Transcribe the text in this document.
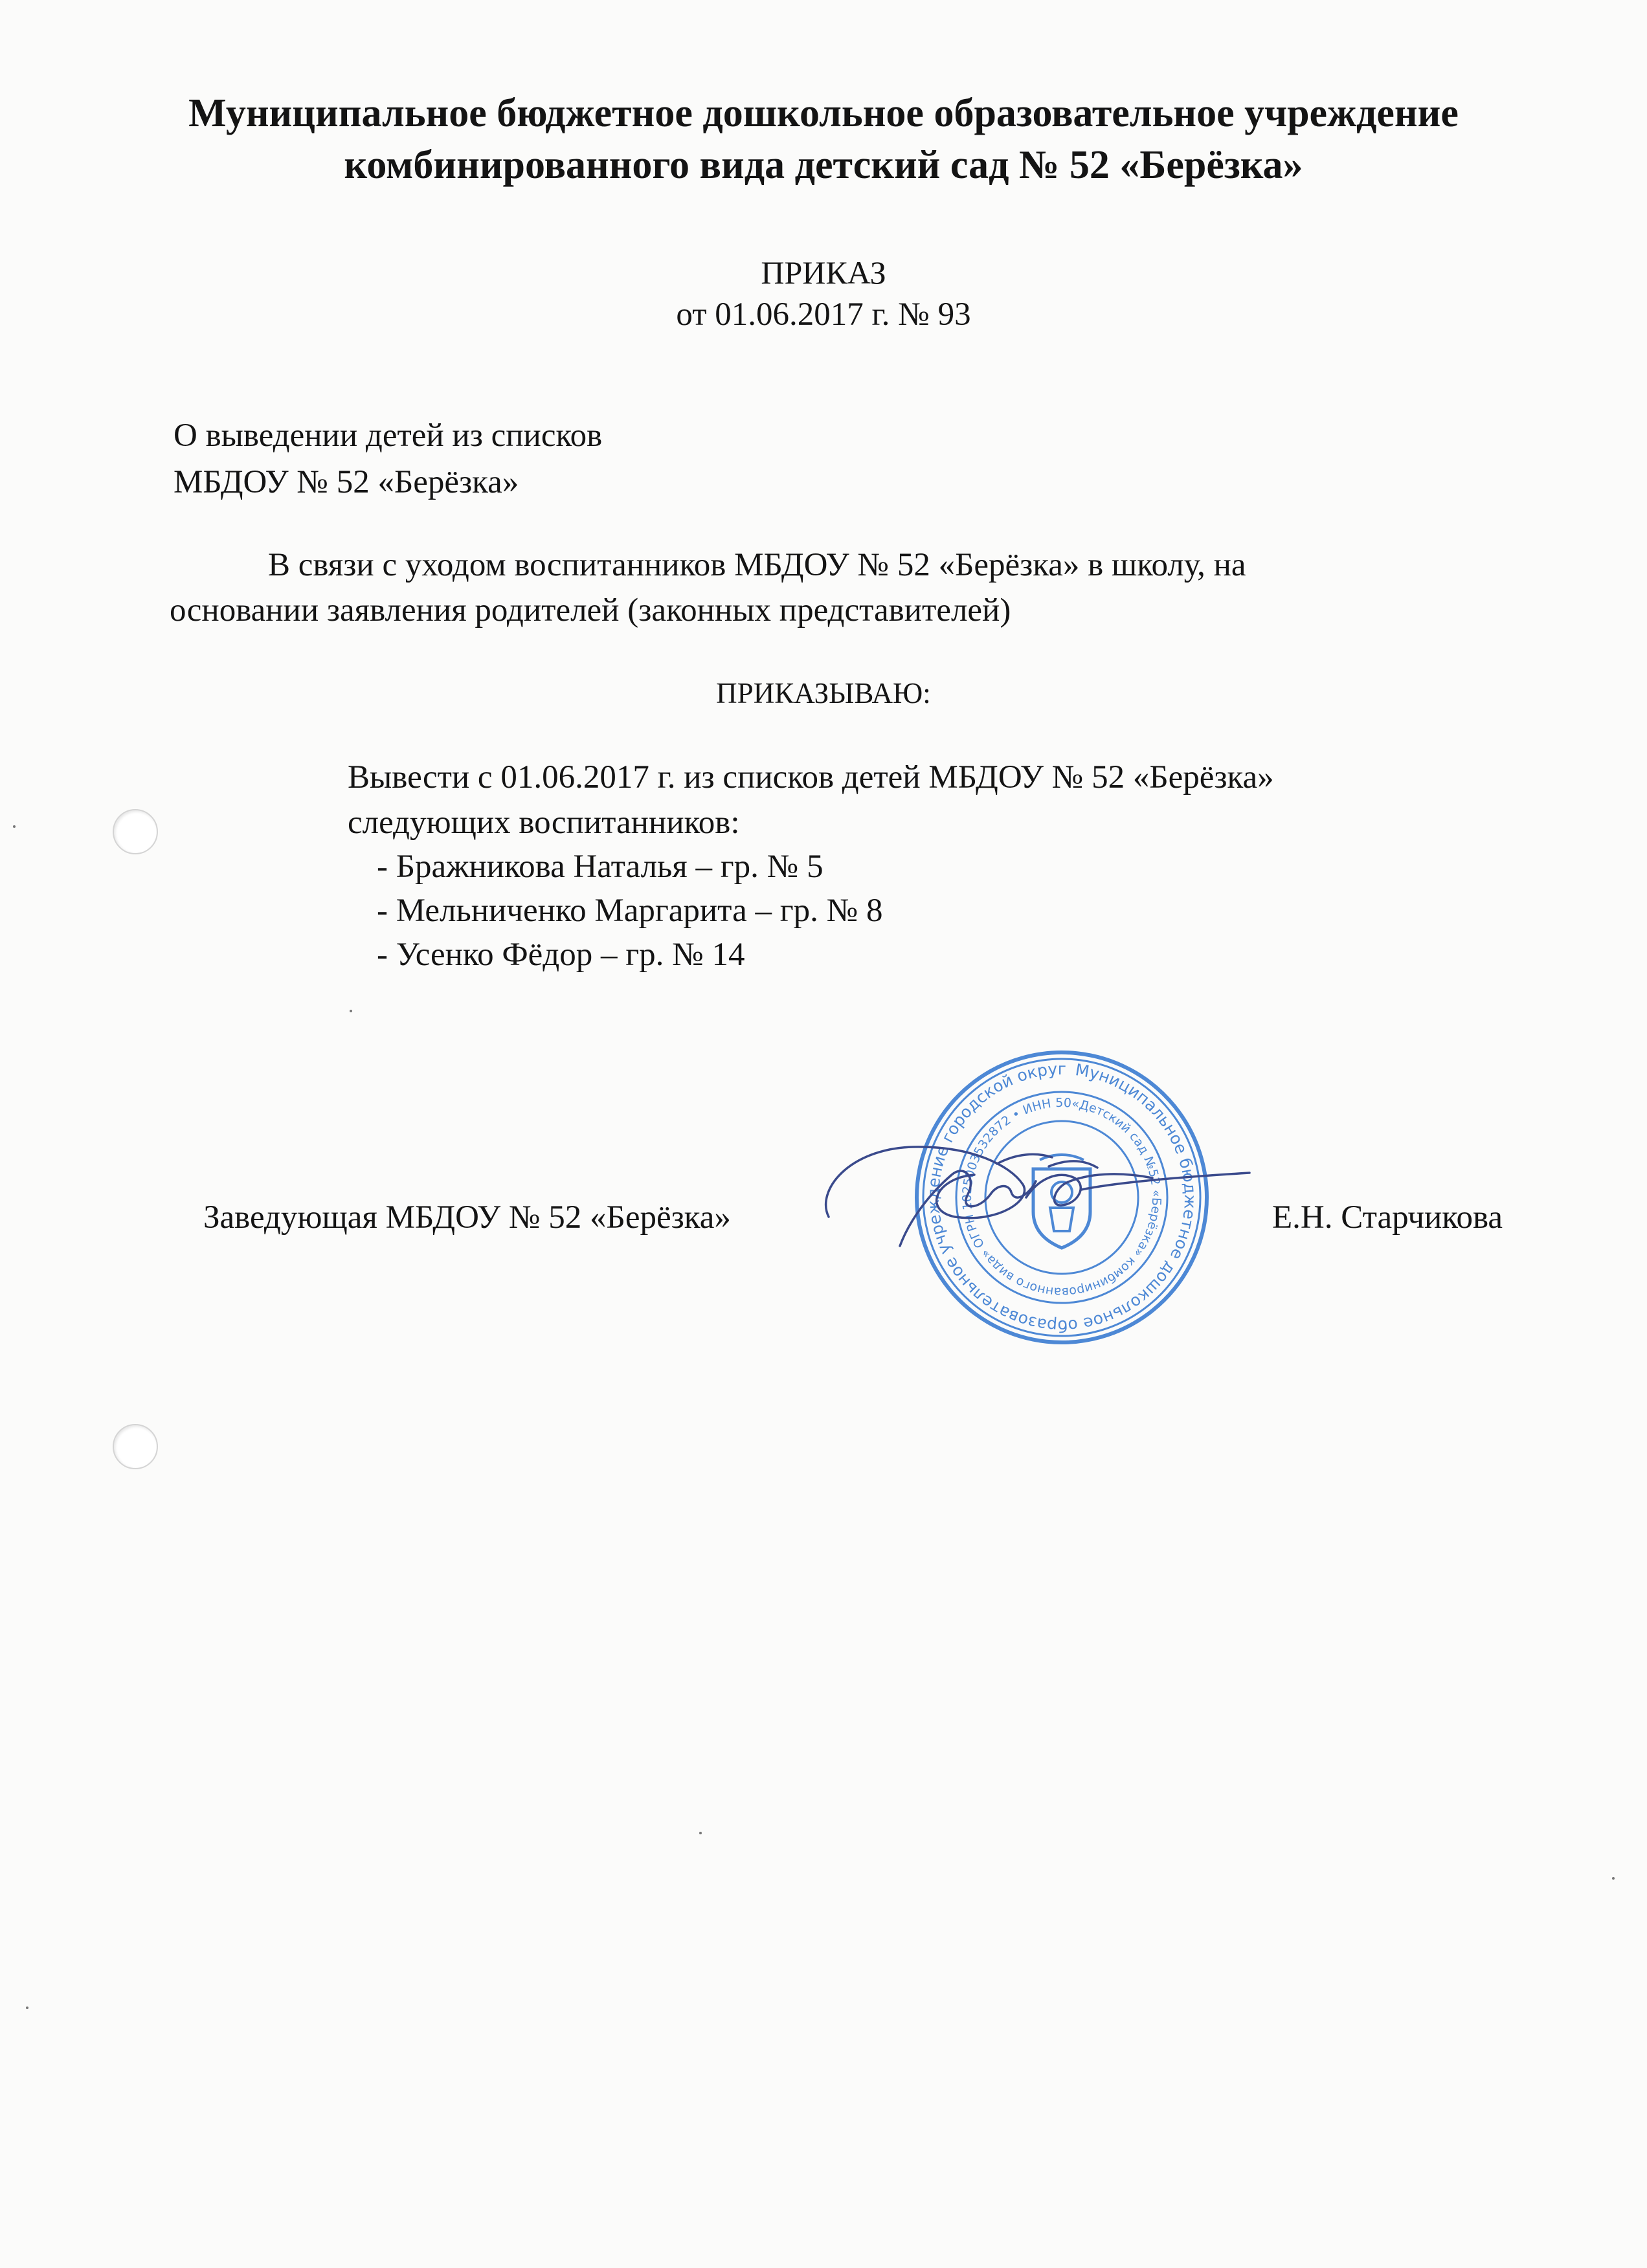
Муниципальное бюджетное дошкольное образовательное учреждение
комбинированного вида детский сад № 52 «Берёзка»
ПРИКАЗ
от 01.06.2017 г. № 93
О выведении детей из списков
МБДОУ № 52 «Берёзка»
В связи с уходом воспитанников МБДОУ № 52 «Берёзка» в школу, на
основании заявления родителей (законных представителей)
ПРИКАЗЫВАЮ:
Вывести с 01.06.2017 г. из списков детей МБДОУ № 52 «Берёзка»
следующих воспитанников:
- Бражникова Наталья – гр. № 5
- Мельниченко Маргарита – гр. № 8
- Усенко Фёдор – гр. № 14
Заведующая МБДОУ № 52 «Берёзка»	Е.Н. Старчикова
Муниципальное бюджетное дошкольное образовательное учреждение городской округ
«Детский сад №52 «Берёзка» комбинированного вида» ОГРН 1025003532872 • ИНН 5029010720
